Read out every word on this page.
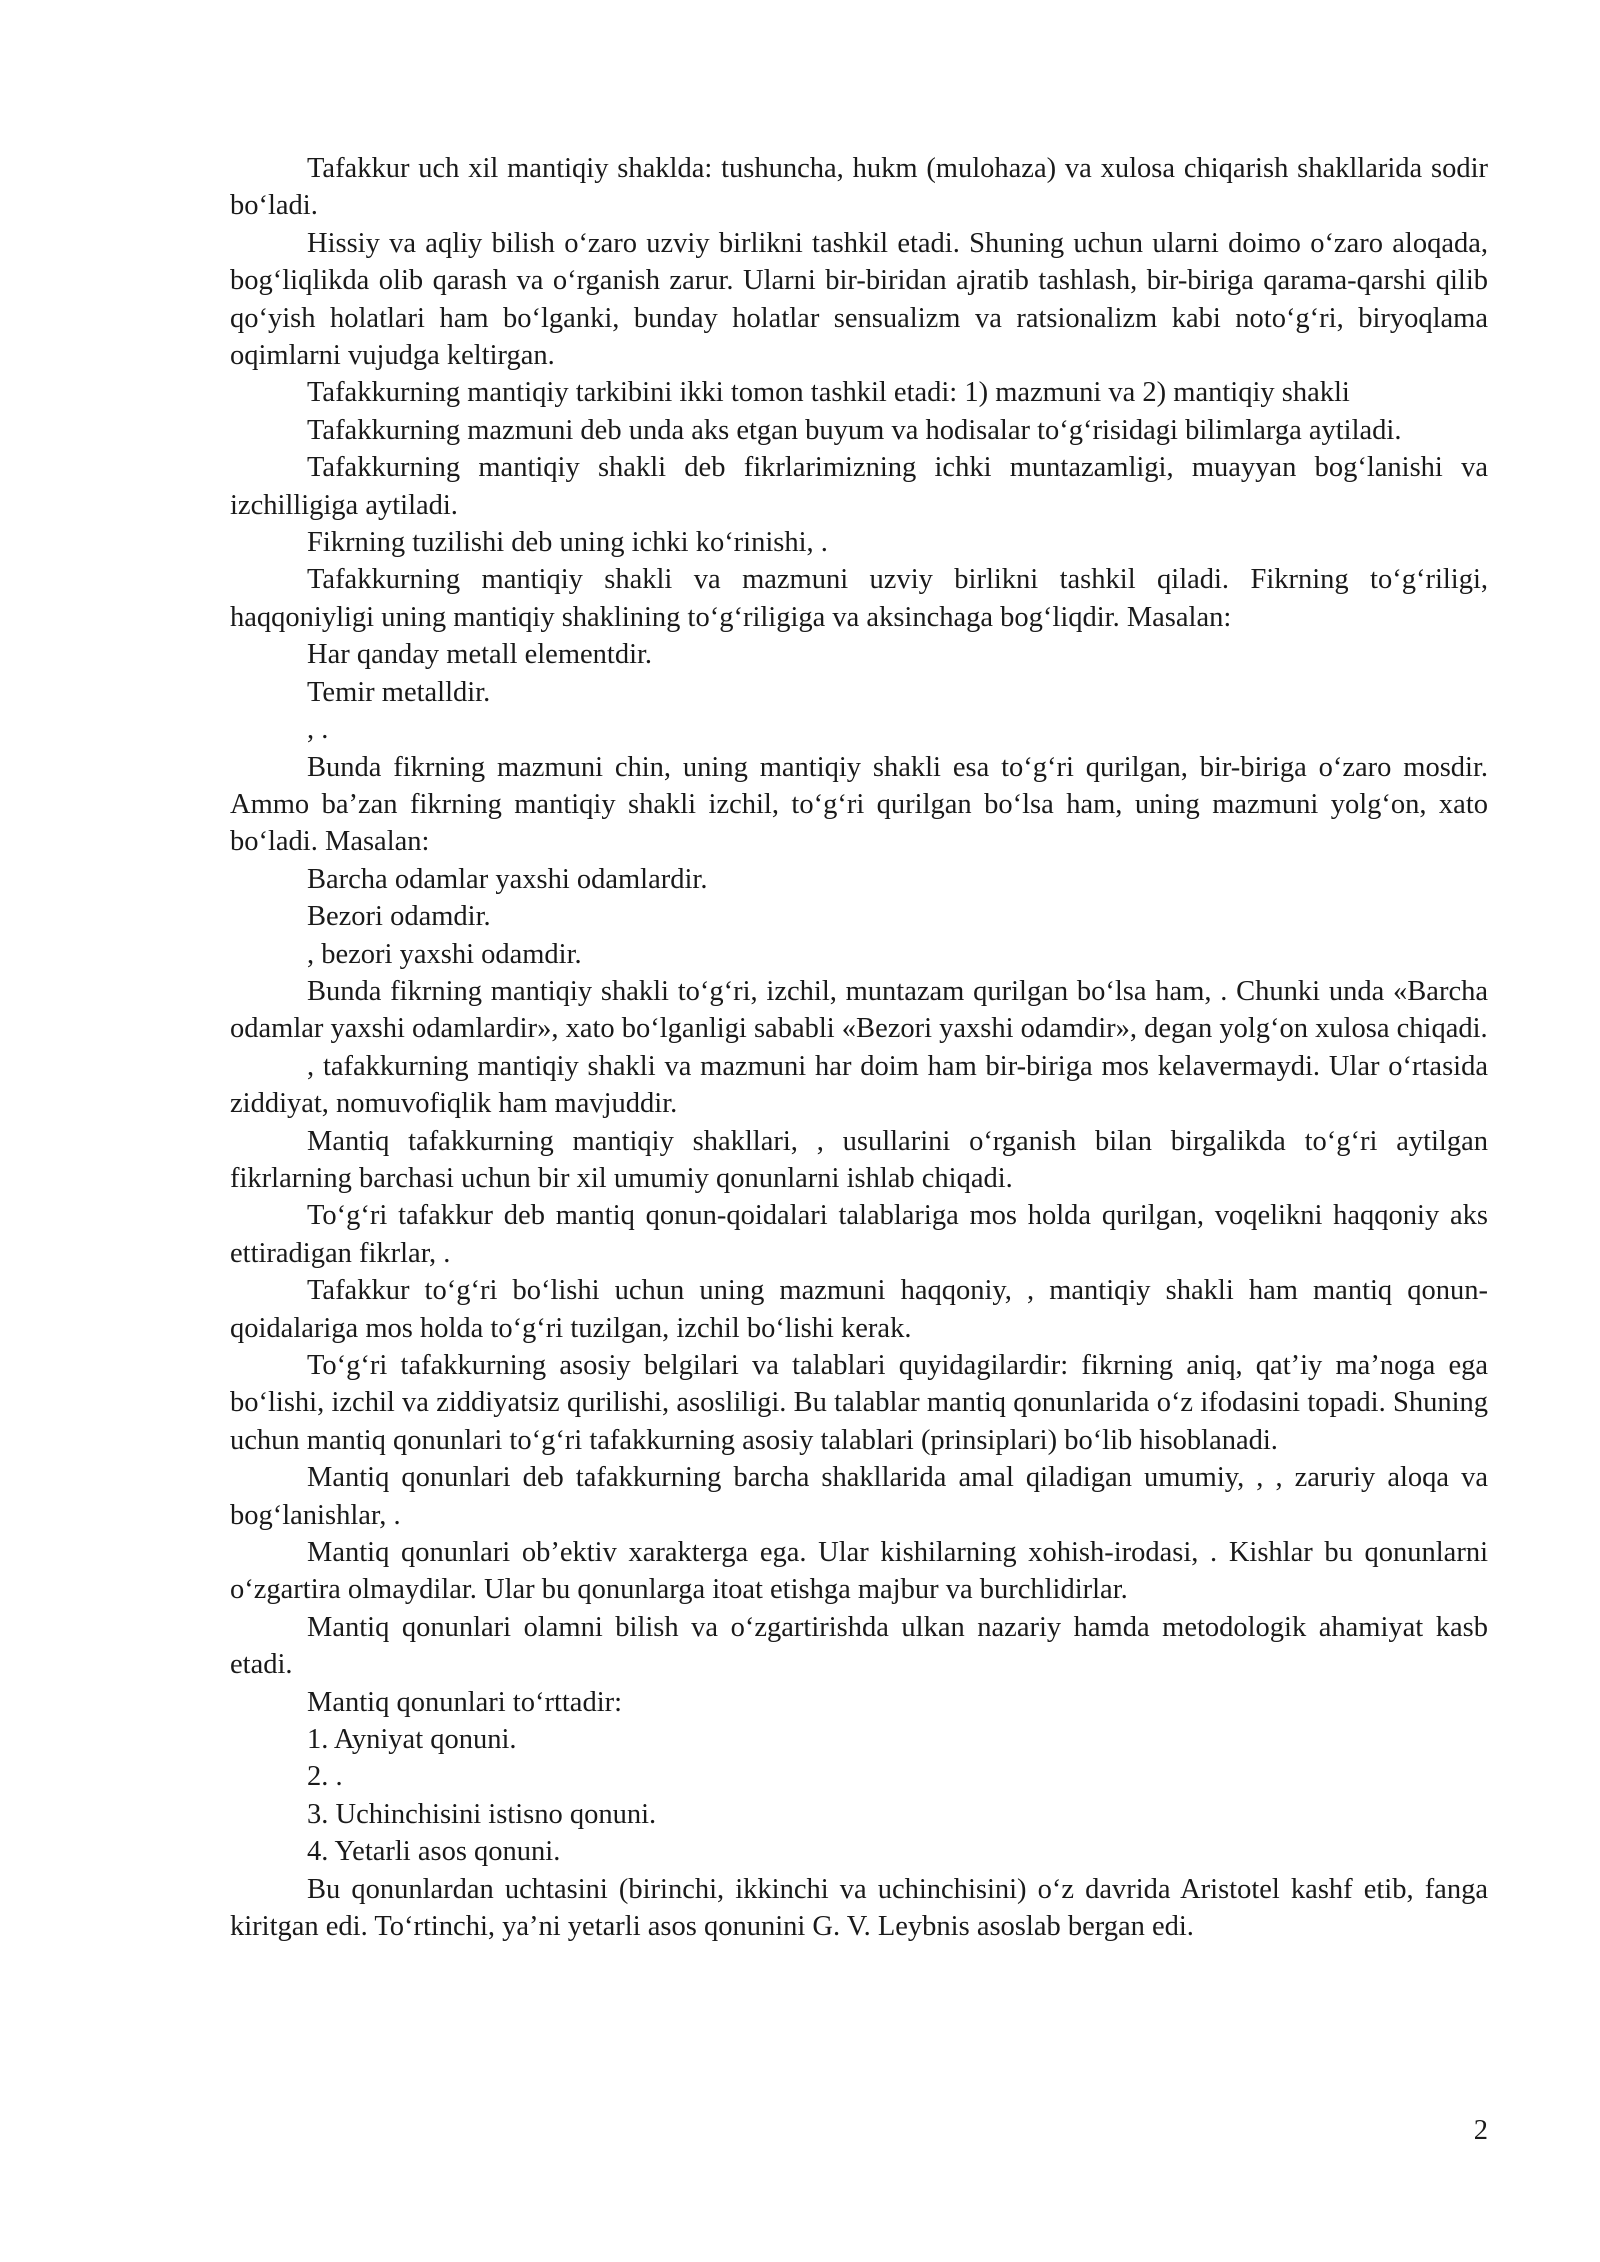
Tafakkur uch xil mantiqiy shaklda: tushuncha, hukm (mulohaza) va xulosa chiqarish shakllarida sodir bo‘ladi.

Hissiy va aqliy bilish o‘zaro uzviy birlikni tashkil etadi. Shuning uchun ularni doimo o‘zaro aloqada, bog‘liqlikda olib qarash va o‘rganish zarur. Ularni bir-biridan ajratib tashlash, bir-biriga qarama-qarshi qilib qo‘yish holatlari ham bo‘lganki, bunday holatlar sensualizm va ratsionalizm kabi noto‘g‘ri, biryoqlama oqimlarni vujudga keltirgan.

Tafakkurning mantiqiy tarkibini ikki tomon tashkil etadi: 1) mazmuni va 2) mantiqiy shakli

Tafakkurning mazmuni deb unda aks etgan buyum va hodisalar to‘g‘risidagi bilimlarga aytiladi.

Tafakkurning mantiqiy shakli deb fikrlarimizning ichki muntazamligi, muayyan bog‘lanishi va izchilligiga aytiladi.

Fikrning tuzilishi deb uning ichki ko‘rinishi, .

Tafakkurning mantiqiy shakli va mazmuni uzviy birlikni tashkil qiladi. Fikrning to‘g‘riligi, haqqoniyligi uning mantiqiy shaklining to‘g‘riligiga va aksinchaga bog‘liqdir. Masalan:

Har qanday metall elementdir.

Temir metalldir.

, .

Bunda fikrning mazmuni chin, uning mantiqiy shakli esa to‘g‘ri qurilgan, bir-biriga o‘zaro mosdir. Ammo ba’zan fikrning mantiqiy shakli izchil, to‘g‘ri qurilgan bo‘lsa ham, uning mazmuni yolg‘on, xato bo‘ladi. Masalan:

Barcha odamlar yaxshi odamlardir.

Bezori odamdir.

, bezori yaxshi odamdir.

Bunda fikrning mantiqiy shakli to‘g‘ri, izchil, muntazam qurilgan bo‘lsa ham, . Chunki unda «Barcha odamlar yaxshi odamlardir», xato bo‘lganligi sababli «Bezori yaxshi odamdir», degan yolg‘on xulosa chiqadi.

, tafakkurning mantiqiy shakli va mazmuni har doim ham bir-biriga mos kelavermaydi. Ular o‘rtasida ziddiyat, nomuvofiqlik ham mavjuddir.

Mantiq tafakkurning mantiqiy shakllari, , usullarini o‘rganish bilan birgalikda to‘g‘ri aytilgan fikrlarning barchasi uchun bir xil umumiy qonunlarni ishlab chiqadi.

To‘g‘ri tafakkur deb mantiq qonun-qoidalari talablariga mos holda qurilgan, voqelikni haqqoniy aks ettiradigan fikrlar, .

Tafakkur to‘g‘ri bo‘lishi uchun uning mazmuni haqqoniy, , mantiqiy shakli ham mantiq qonun-qoidalariga mos holda to‘g‘ri tuzilgan, izchil bo‘lishi kerak.

To‘g‘ri tafakkurning asosiy belgilari va talablari quyidagilardir: fikrning aniq, qat’iy ma’noga ega bo‘lishi, izchil va ziddiyatsiz qurilishi, asosliligi. Bu talablar mantiq qonunlarida o‘z ifodasini topadi. Shuning uchun mantiq qonunlari to‘g‘ri tafakkurning asosiy talablari (prinsiplari) bo‘lib hisoblanadi.

Mantiq qonunlari deb tafakkurning barcha shakllarida amal qiladigan umumiy, , , zaruriy aloqa va bog‘lanishlar, .

Mantiq qonunlari ob’ektiv xarakterga ega. Ular kishilarning xohish-irodasi, . Kishlar bu qonunlarni o‘zgartira olmaydilar. Ular bu qonunlarga itoat etishga majbur va burchlidirlar.

Mantiq qonunlari olamni bilish va o‘zgartirishda ulkan nazariy hamda metodologik ahamiyat kasb etadi.

Mantiq qonunlari to‘rttadir:

1. Ayniyat qonuni.

2. .

3. Uchinchisini istisno qonuni.

4. Yetarli asos qonuni.

Bu qonunlardan uchtasini (birinchi, ikkinchi va uchinchisini) o‘z davrida Aristotel kashf etib, fanga kiritgan edi. To‘rtinchi, ya’ni yetarli asos qonunini G. V. Leybnis asoslab bergan edi.

2
